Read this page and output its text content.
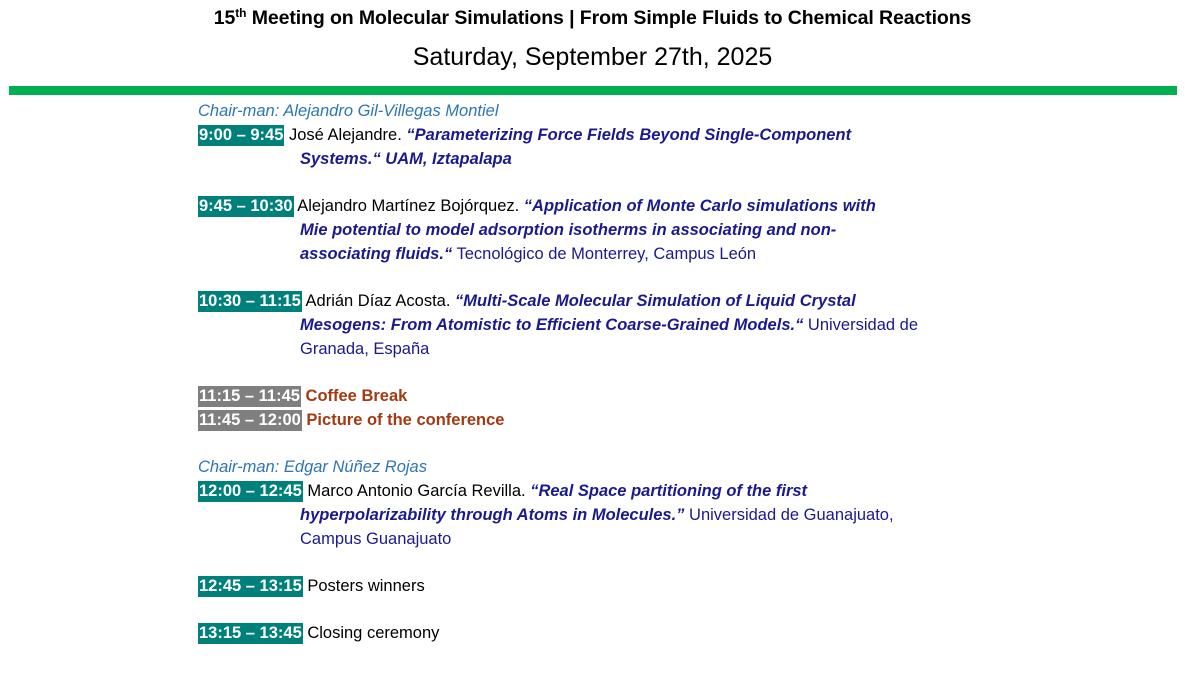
15th Meeting on Molecular Simulations | From Simple Fluids to Chemical Reactions
Saturday, September 27th, 2025
Chair-man: Alejandro Gil-Villegas Montiel
9:00 – 9:45 José Alejandre. “Parameterizing Force Fields Beyond Single-Component
Systems.“ UAM, Iztapalapa
9:45 – 10:30 Alejandro Martínez Bojórquez. “Application of Monte Carlo simulations with
Mie potential to model adsorption isotherms in associating and non-
associating fluids.“ Tecnológico de Monterrey, Campus León
10:30 – 11:15 Adrián Díaz Acosta. “Multi-Scale Molecular Simulation of Liquid Crystal
Mesogens: From Atomistic to Efficient Coarse-Grained Models.“ Universidad de
Granada, España
11:15 – 11:45 Coffee Break
11:45 – 12:00 Picture of the conference
Chair-man: Edgar Núñez Rojas
12:00 – 12:45 Marco Antonio García Revilla. “Real Space partitioning of the first
hyperpolarizability through Atoms in Molecules.” Universidad de Guanajuato,
Campus Guanajuato
12:45 – 13:15 Posters winners
13:15 – 13:45 Closing ceremony
